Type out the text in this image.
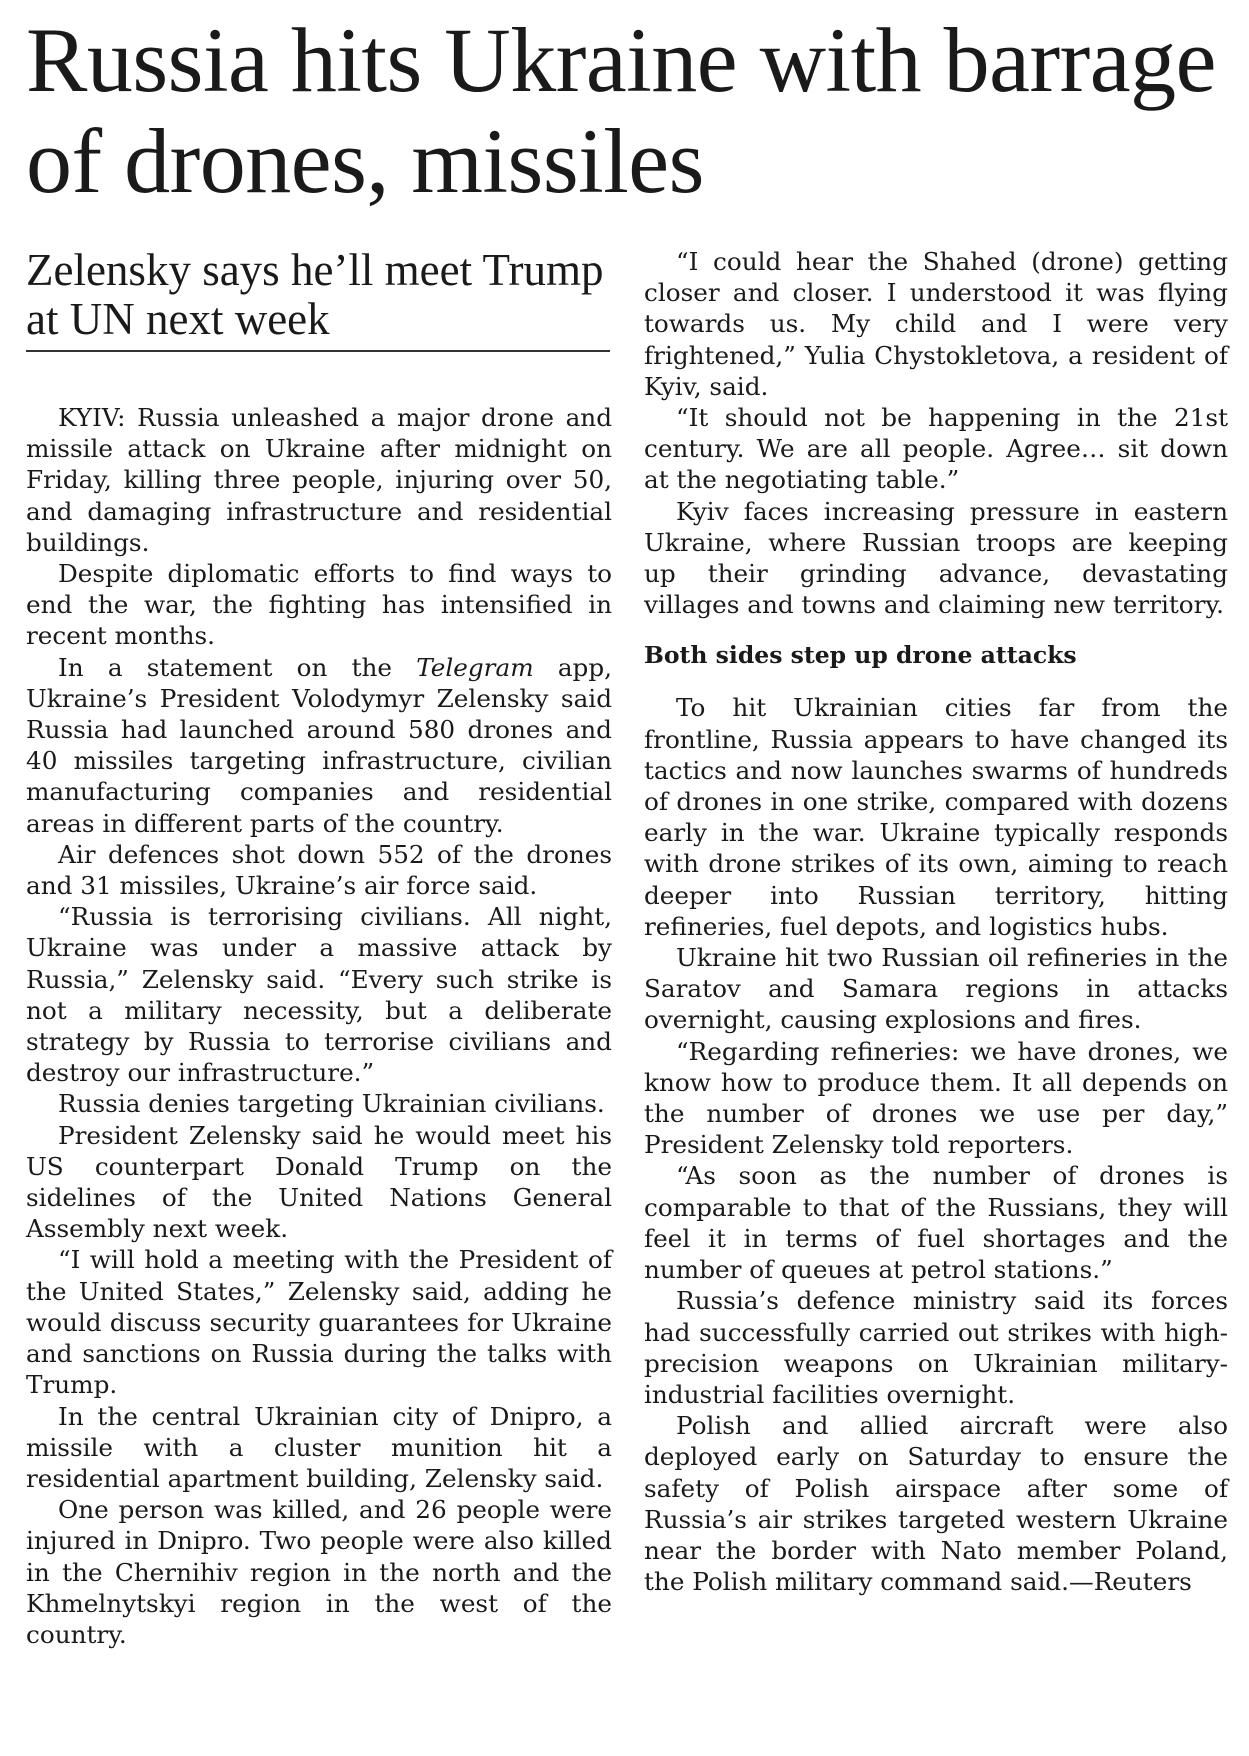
Russia hits Ukraine with barrage of drones, missiles
Zelensky says he’ll meet Trump at UN next week

KYIV: Russia unleashed a major drone and missile attack on Ukraine after midnight on Friday, killing three people, injuring over 50, and damaging infrastructure and residential buildings.

Despite diplomatic efforts to find ways to end the war, the fighting has intensified in recent months.

In a statement on the Telegram app, Ukraine’s President Volodymyr Zelensky said Russia had launched around 580 drones and 40 missiles targeting infrastructure, civilian manufacturing companies and residential areas in different parts of the country.

Air defences shot down 552 of the drones and 31 missiles, Ukraine’s air force said.

“Russia is terrorising civilians. All night, Ukraine was under a massive attack by Russia,” Zelensky said. “Every such strike is not a military necessity, but a deliberate strategy by Russia to terrorise civilians and destroy our infrastructure.”

Russia denies targeting Ukrainian civilians.

President Zelensky said he would meet his US counterpart Donald Trump on the sidelines of the United Nations General Assembly next week.

“I will hold a meeting with the President of the United States,” Zelensky said, adding he would discuss security guarantees for Ukraine and sanctions on Russia during the talks with Trump.

In the central Ukrainian city of Dnipro, a missile with a cluster munition hit a residential apartment building, Zelensky said.

One person was killed, and 26 people were injured in Dnipro. Two people were also killed in the Chernihiv region in the north and the Khmelnytskyi region in the west of the country.

“I could hear the Shahed (drone) getting closer and closer. I understood it was flying towards us. My child and I were very frightened,” Yulia Chystokletova, a resident of Kyiv, said.

“It should not be happening in the 21st century. We are all people. Agree… sit down at the negotiating table.”

Kyiv faces increasing pressure in eastern Ukraine, where Russian troops are keeping up their grinding advance, devastating villages and towns and claiming new territory.

Both sides step up drone attacks

To hit Ukrainian cities far from the frontline, Russia appears to have changed its tactics and now launches swarms of hundreds of drones in one strike, compared with dozens early in the war. Ukraine typically responds with drone strikes of its own, aiming to reach deeper into Russian territory, hitting refineries, fuel depots, and logistics hubs.

Ukraine hit two Russian oil refineries in the Saratov and Samara regions in attacks overnight, causing explosions and fires.

“Regarding refineries: we have drones, we know how to produce them. It all depends on the number of drones we use per day,” President Zelensky told reporters.

“As soon as the number of drones is comparable to that of the Russians, they will feel it in terms of fuel shortages and the number of queues at petrol stations.”

Russia’s defence ministry said its forces had successfully carried out strikes with high-precision weapons on Ukrainian military-industrial facilities overnight.

Polish and allied aircraft were also deployed early on Saturday to ensure the safety of Polish airspace after some of Russia’s air strikes targeted western Ukraine near the border with Nato member Poland, the Polish military command said.—Reuters
